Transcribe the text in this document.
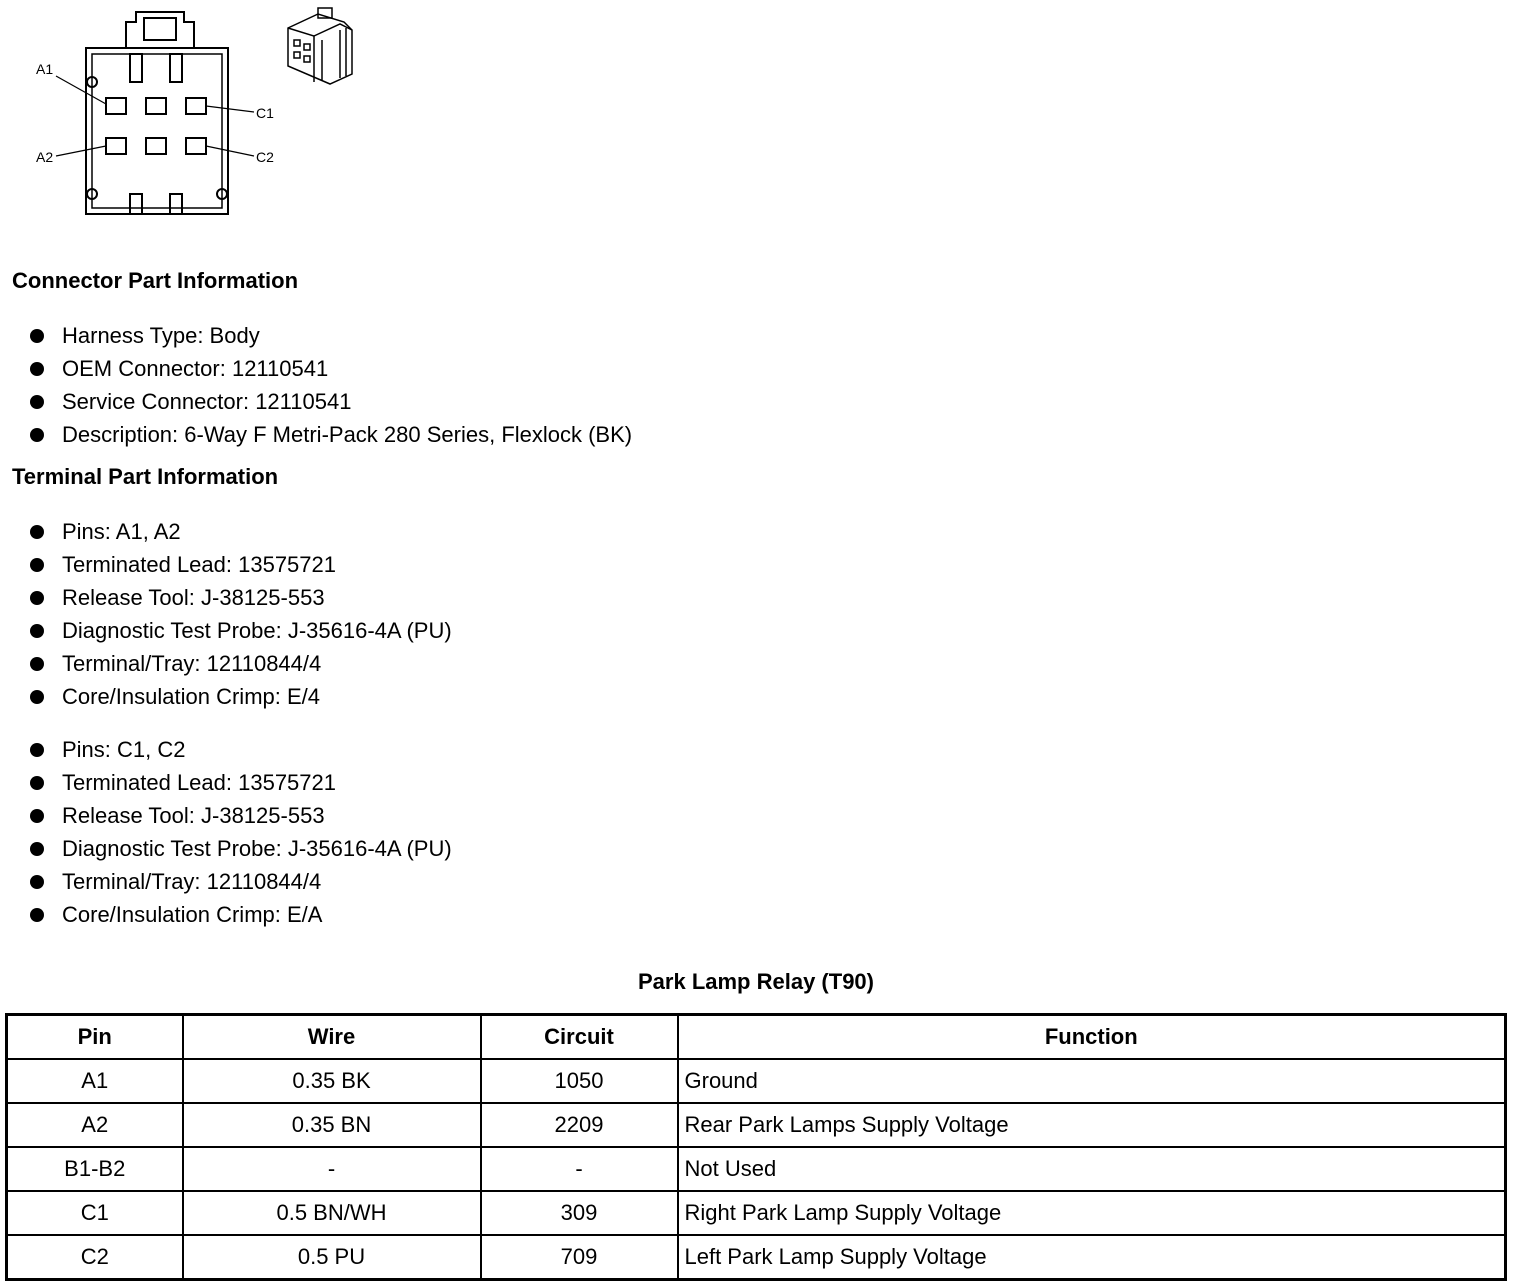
A1
A2
C1
C2
Connector Part Information
Harness Type: Body
OEM Connector: 12110541
Service Connector: 12110541
Description: 6-Way F Metri-Pack 280 Series, Flexlock (BK)
Terminal Part Information
Pins: A1, A2
Terminated Lead: 13575721
Release Tool: J-38125-553
Diagnostic Test Probe: J-35616-4A (PU)
Terminal/Tray: 12110844/4
Core/Insulation Crimp: E/4
Pins: C1, C2
Terminated Lead: 13575721
Release Tool: J-38125-553
Diagnostic Test Probe: J-35616-4A (PU)
Terminal/Tray: 12110844/4
Core/Insulation Crimp: E/A
Park Lamp Relay (T90)
Pin	Wire	Circuit	Function
A1	0.35 BK	1050	Ground
A2	0.35 BN	2209	Rear Park Lamps Supply Voltage
B1-B2	-	-	Not Used
C1	0.5 BN/WH	309	Right Park Lamp Supply Voltage
C2	0.5 PU	709	Left Park Lamp Supply Voltage
